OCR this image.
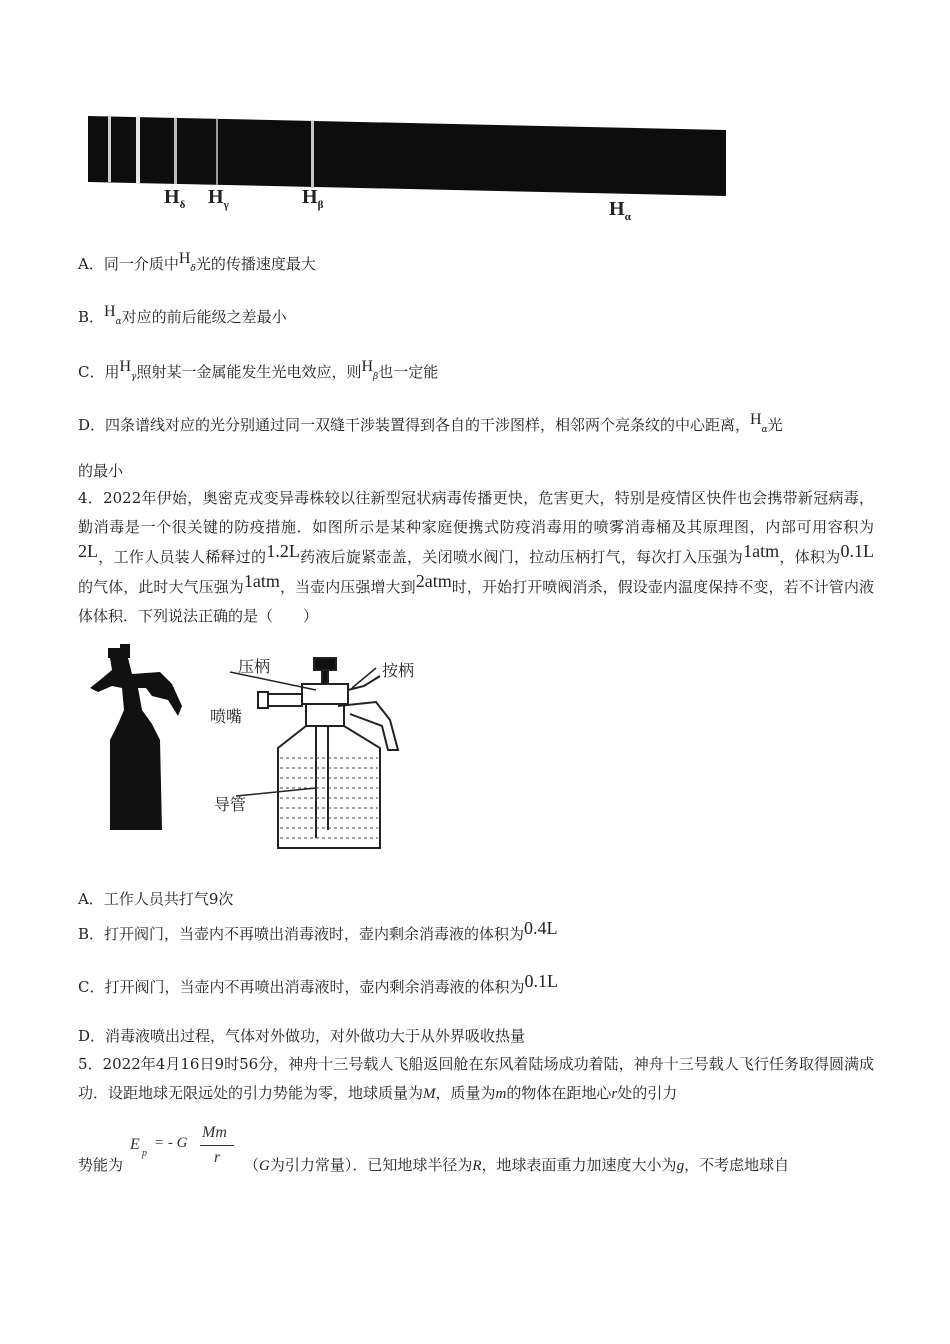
$H_\delta$ $H_\gamma$	$H_\beta$	$H_\alpha$
A．同一介质中$H_\delta$光的传播速度最大
B．$H_\alpha$对应的前后能级之差最小
C．用$H_\gamma$照射某一金属能发生光电效应，则$H_\beta$也一定能
D．四条谱线对应的光分别通过同一双缝干涉装置得到各自的干涉图样，相邻两个亮条纹的中心距离，$H_\alpha$光
的最小
4．2022年伊始，奥密克戎变异毒株较以往新型冠状病毒传播更快，危害更大，特别是疫情区快件也会携带新冠病毒，勤消毒是一个很关键的防疫措施．如图所示是某种家庭便携式防疫消毒用的喷雾消毒桶及其原理图，内部可用容积为2L，工作人员装人稀释过的1.2L药液后旋紧壶盖，关闭喷水阀门，拉动压柄打气，每次打入压强为1atm，体积为0.1L的气体，此时大气压强为1atm，当壶内压强增大到2atm时，开始打开喷阀消杀，假设壶内温度保持不变，若不计管内液体体积．下列说法正确的是（　　）
压柄	按柄
喷嘴
导管
A．工作人员共打气9次
B．打开阀门，当壶内不再喷出消毒液时，壶内剩余消毒液的体积为0.4L
C．打开阀门，当壶内不再喷出消毒液时，壶内剩余消毒液的体积为0.1L
D．消毒液喷出过程，气体对外做功，对外做功大于从外界吸收热量
5．2022年4月16日9时56分，神舟十三号载人飞船返回舱在东风着陆场成功着陆，神舟十三号载人飞行任务取得圆满成功．设距地球无限远处的引力势能为零，地球质量为M，质量为m的物体在距地心r处的引力
势能为
E
p
= - G
Mm
r （G为引力常量）．已知地球半径为R，地球表面重力加速度大小为g，不考虑地球自
